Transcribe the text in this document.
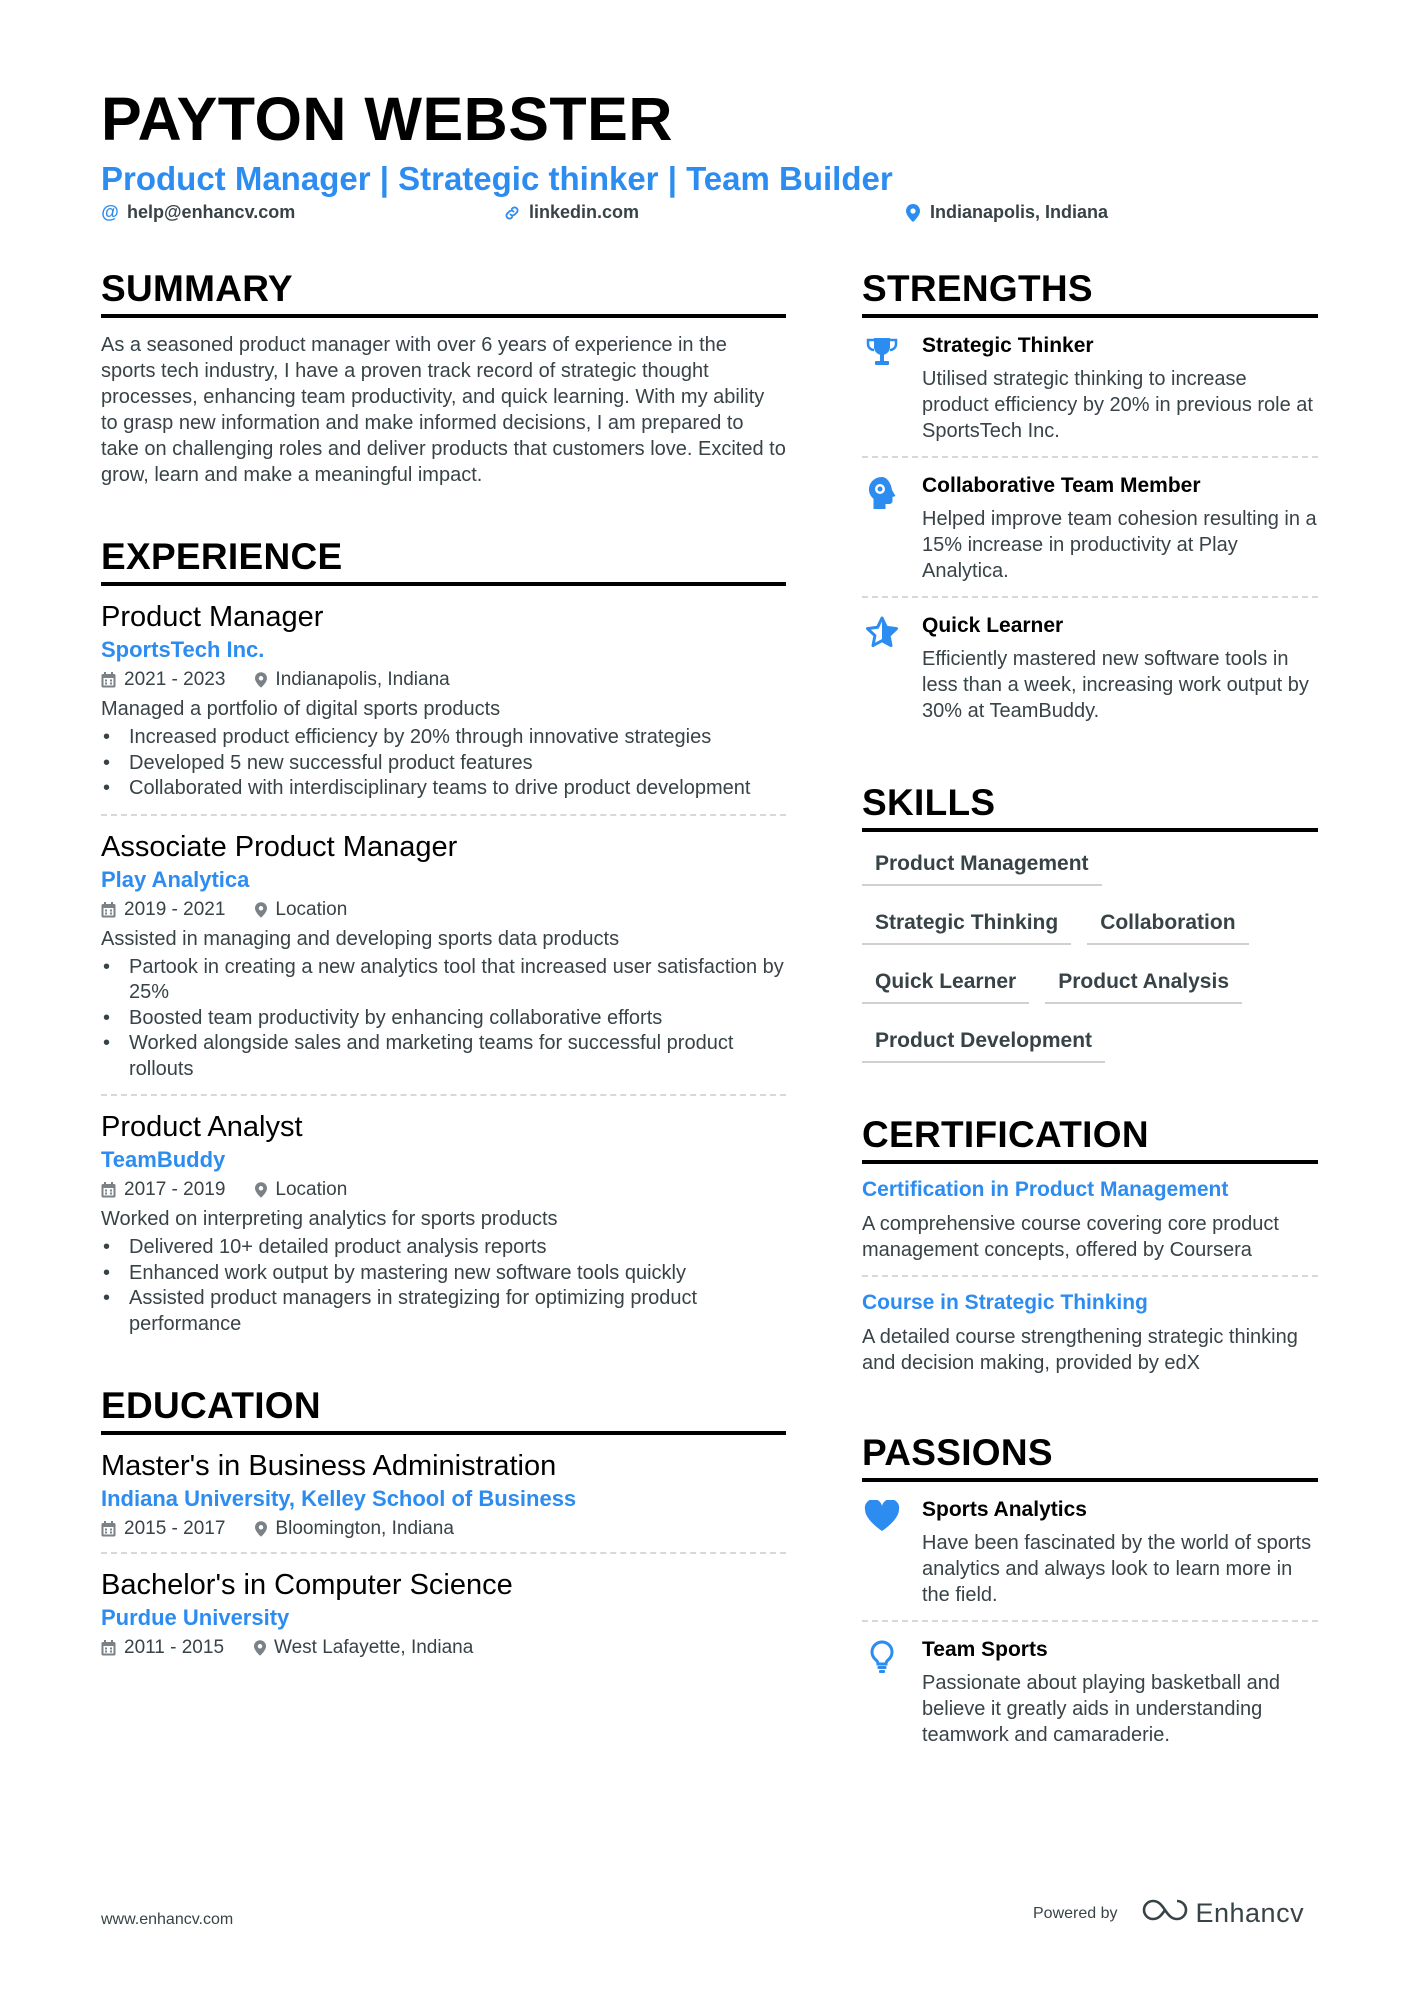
PAYTON WEBSTER
Product Manager | Strategic thinker | Team Builder
@ help@enhancv.com	linkedin.com	Indianapolis, Indiana
SUMMARY
As a seasoned product manager with over 6 years of experience in the sports tech industry, I have a proven track record of strategic thought processes, enhancing team productivity, and quick learning. With my ability to grasp new information and make informed decisions, I am prepared to take on challenging roles and deliver products that customers love. Excited to grow, learn and make a meaningful impact.
EXPERIENCE
Product Manager
SportsTech Inc.
2021 - 2023	Indianapolis, Indiana
Managed a portfolio of digital sports products
• Increased product efficiency by 20% through innovative strategies
• Developed 5 new successful product features
• Collaborated with interdisciplinary teams to drive product development
Associate Product Manager
Play Analytica
2019 - 2021	Location
Assisted in managing and developing sports data products
• Partook in creating a new analytics tool that increased user satisfaction by 25%
• Boosted team productivity by enhancing collaborative efforts
• Worked alongside sales and marketing teams for successful product rollouts
Product Analyst
TeamBuddy
2017 - 2019	Location
Worked on interpreting analytics for sports products
• Delivered 10+ detailed product analysis reports
• Enhanced work output by mastering new software tools quickly
• Assisted product managers in strategizing for optimizing product performance
EDUCATION
Master's in Business Administration
Indiana University, Kelley School of Business
2015 - 2017	Bloomington, Indiana
Bachelor's in Computer Science
Purdue University
2011 - 2015	West Lafayette, Indiana
STRENGTHS
Strategic Thinker
Utilised strategic thinking to increase product efficiency by 20% in previous role at SportsTech Inc.
Collaborative Team Member
Helped improve team cohesion resulting in a 15% increase in productivity at Play Analytica.
Quick Learner
Efficiently mastered new software tools in less than a week, increasing work output by 30% at TeamBuddy.
SKILLS
Product Management
Strategic Thinking	Collaboration
Quick Learner	Product Analysis
Product Development
CERTIFICATION
Certification in Product Management
A comprehensive course covering core product management concepts, offered by Coursera
Course in Strategic Thinking
A detailed course strengthening strategic thinking and decision making, provided by edX
PASSIONS
Sports Analytics
Have been fascinated by the world of sports analytics and always look to learn more in the field.
Team Sports
Passionate about playing basketball and believe it greatly aids in understanding teamwork and camaraderie.
www.enhancv.com	Powered by	Enhancv
